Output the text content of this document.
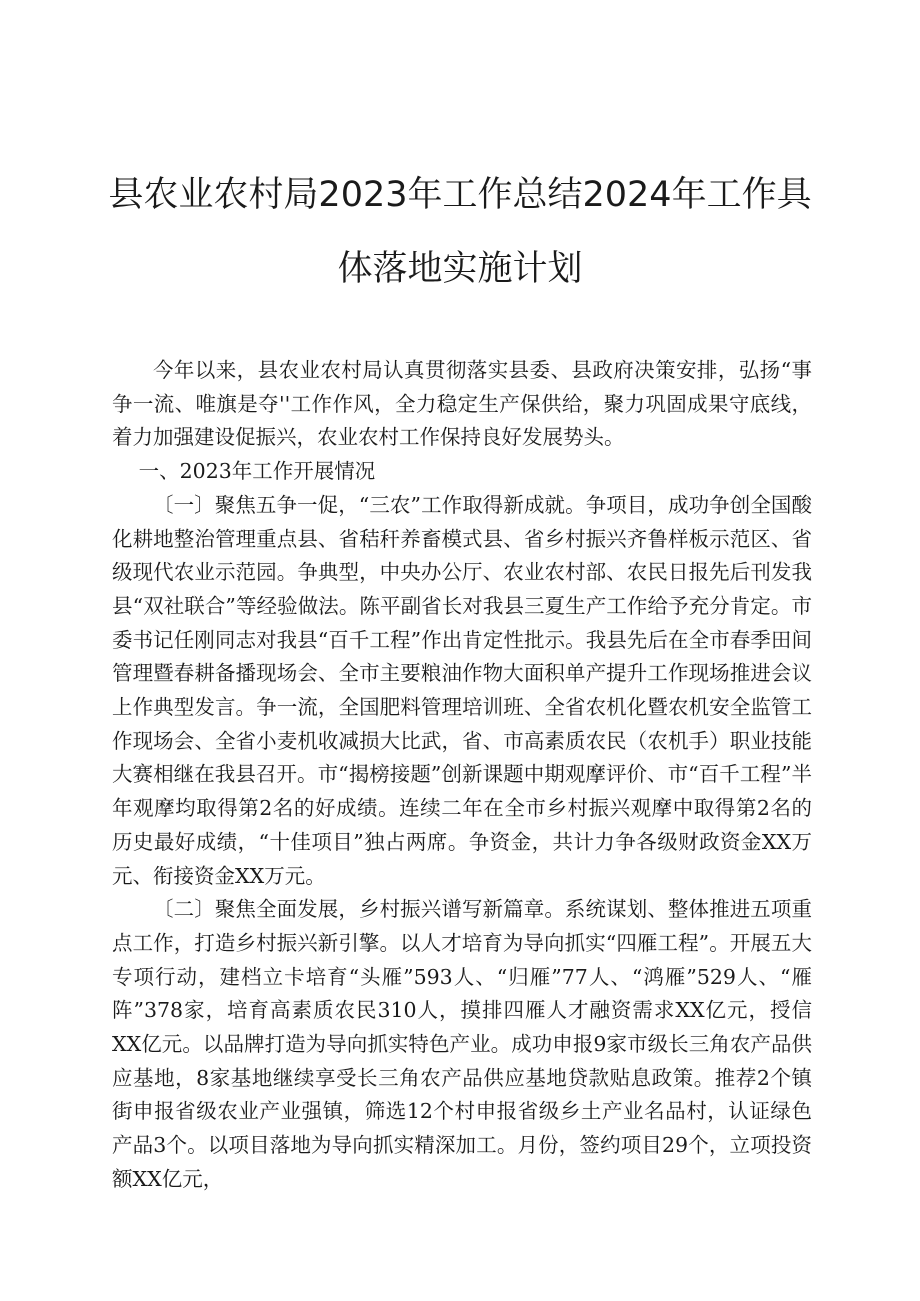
县农业农村局2023年工作总结2024年工作具
体落地实施计划

今年以来，县农业农村局认真贯彻落实县委、县政府决策安排，弘扬“事争一流、唯旗是夺''工作作风，全力稳定生产保供给，聚力巩固成果守底线，着力加强建设促振兴，农业农村工作保持良好发展势头。

一、2023年工作开展情况

〔一〕聚焦五争一促，“三农”工作取得新成就。争项目，成功争创全国酸化耕地整治管理重点县、省秸秆养畜模式县、省乡村振兴齐鲁样板示范区、省级现代农业示范园。争典型，中央办公厅、农业农村部、农民日报先后刊发我县“双社联合”等经验做法。陈平副省长对我县三夏生产工作给予充分肯定。市委书记任刚同志对我县“百千工程”作出肯定性批示。我县先后在全市春季田间管理暨春耕备播现场会、全市主要粮油作物大面积单产提升工作现场推进会议上作典型发言。争一流，全国肥料管理培训班、全省农机化暨农机安全监管工作现场会、全省小麦机收减损大比武，省、市高素质农民（农机手）职业技能大赛相继在我县召开。市“揭榜接题”创新课题中期观摩评价、市“百千工程”半年观摩均取得第2名的好成绩。连续二年在全市乡村振兴观摩中取得第2名的历史最好成绩，“十佳项目”独占两席。争资金，共计力争各级财政资金XX万元、衔接资金XX万元。

〔二〕聚焦全面发展，乡村振兴谱写新篇章。系统谋划、整体推进五项重点工作，打造乡村振兴新引擎。以人才培育为导向抓实“四雁工程”。开展五大专项行动，建档立卡培育“头雁”593人、“归雁”77人、“鸿雁”529人、“雁阵”378家，培育高素质农民310人，摸排四雁人才融资需求XX亿元，授信XX亿元。以品牌打造为导向抓实特色产业。成功申报9家市级长三角农产品供应基地，8家基地继续享受长三角农产品供应基地贷款贴息政策。推荐2个镇街申报省级农业产业强镇，筛选12个村申报省级乡土产业名品村，认证绿色产品3个。以项目落地为导向抓实精深加工。月份，签约项目29个，立项投资额XX亿元，
